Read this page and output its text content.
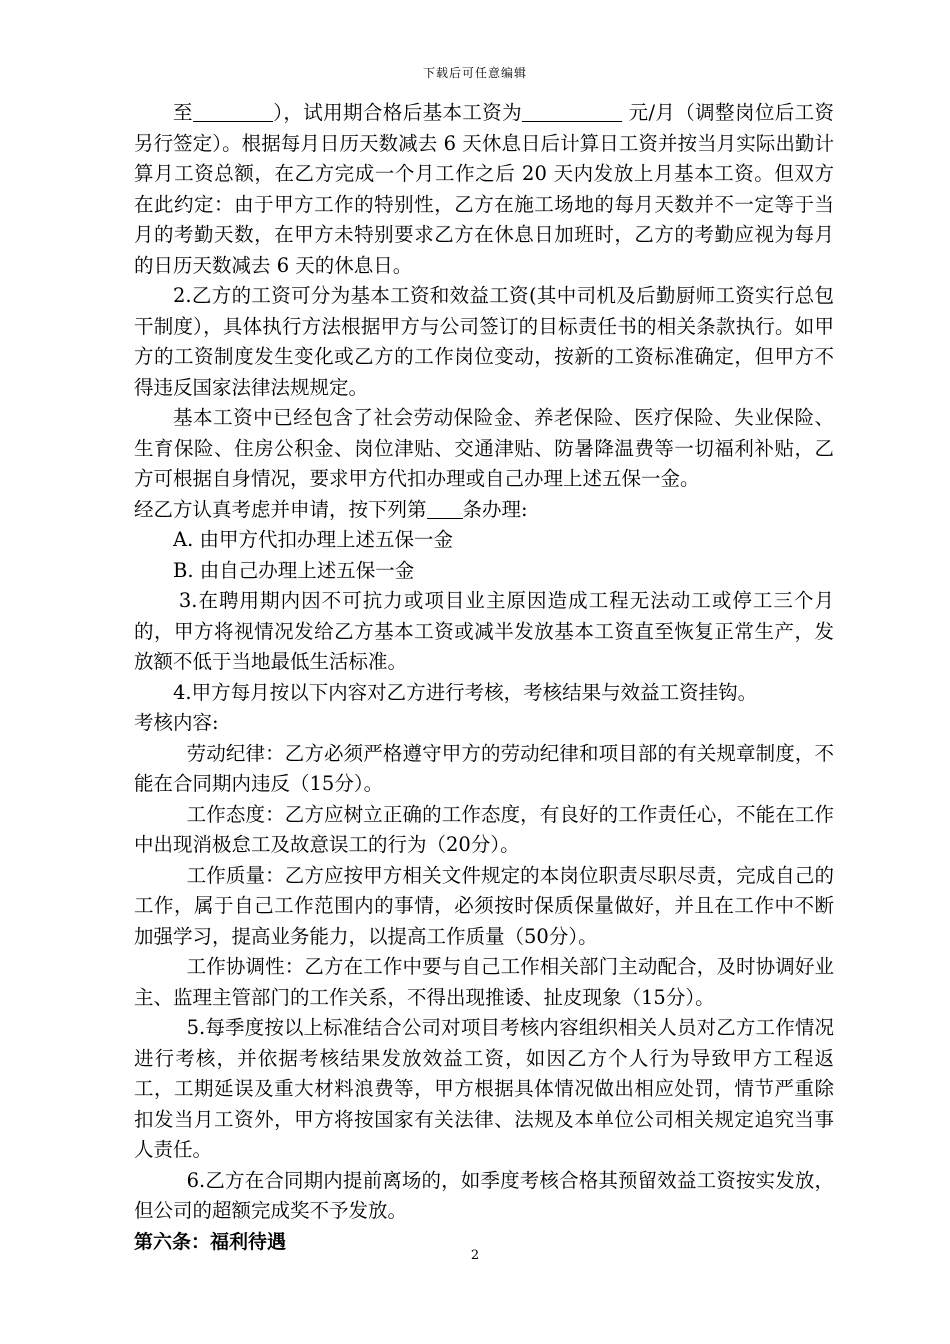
下载后可任意编辑

至	），试用期合格后基本工资为	元/月（调整岗位后工资另行签定）。根据每月日历天数减去 6 天休息日后计算日工资并按当月实际出勤计算月工资总额，在乙方完成一个月工作之后 20 天内发放上月基本工资。但双方在此约定：由于甲方工作的特别性，乙方在施工场地的每月天数并不一定等于当月的考勤天数，在甲方未特别要求乙方在休息日加班时，乙方的考勤应视为每月的日历天数减去 6 天的休息日。

2.乙方的工资可分为基本工资和效益工资(其中司机及后勤厨师工资实行总包干制度），具体执行方法根据甲方与公司签订的目标责任书的相关条款执行。如甲方的工资制度发生变化或乙方的工作岗位变动，按新的工资标准确定，但甲方不得违反国家法律法规规定。

基本工资中已经包含了社会劳动保险金、养老保险、医疗保险、失业保险、生育保险、住房公积金、岗位津贴、交通津贴、防暑降温费等一切福利补贴，乙方可根据自身情况，要求甲方代扣办理或自己办理上述五保一金。

经乙方认真考虑并申请，按下列第 条办理:

A. 由甲方代扣办理上述五保一金

B. 由自己办理上述五保一金

3.在聘用期内因不可抗力或项目业主原因造成工程无法动工或停工三个月的，甲方将视情况发给乙方基本工资或减半发放基本工资直至恢复正常生产，发放额不低于当地最低生活标准。

4.甲方每月按以下内容对乙方进行考核，考核结果与效益工资挂钩。

考核内容:

劳动纪律：乙方必须严格遵守甲方的劳动纪律和项目部的有关规章制度，不能在合同期内违反（15分）。

工作态度：乙方应树立正确的工作态度，有良好的工作责任心，不能在工作中出现消极怠工及故意误工的行为（20分）。

工作质量：乙方应按甲方相关文件规定的本岗位职责尽职尽责，完成自己的工作，属于自己工作范围内的事情，必须按时保质保量做好，并且在工作中不断加强学习，提高业务能力，以提高工作质量（50分）。

工作协调性：乙方在工作中要与自己工作相关部门主动配合，及时协调好业主、监理主管部门的工作关系，不得出现推诿、扯皮现象（15分）。

5.每季度按以上标准结合公司对项目考核内容组织相关人员对乙方工作情况进行考核，并依据考核结果发放效益工资，如因乙方个人行为导致甲方工程返工，工期延误及重大材料浪费等，甲方根据具体情况做出相应处罚，情节严重除扣发当月工资外，甲方将按国家有关法律、法规及本单位公司相关规定追究当事人责任。

6.乙方在合同期内提前离场的，如季度考核合格其预留效益工资按实发放，但公司的超额完成奖不予发放。

第六条：福利待遇

2
